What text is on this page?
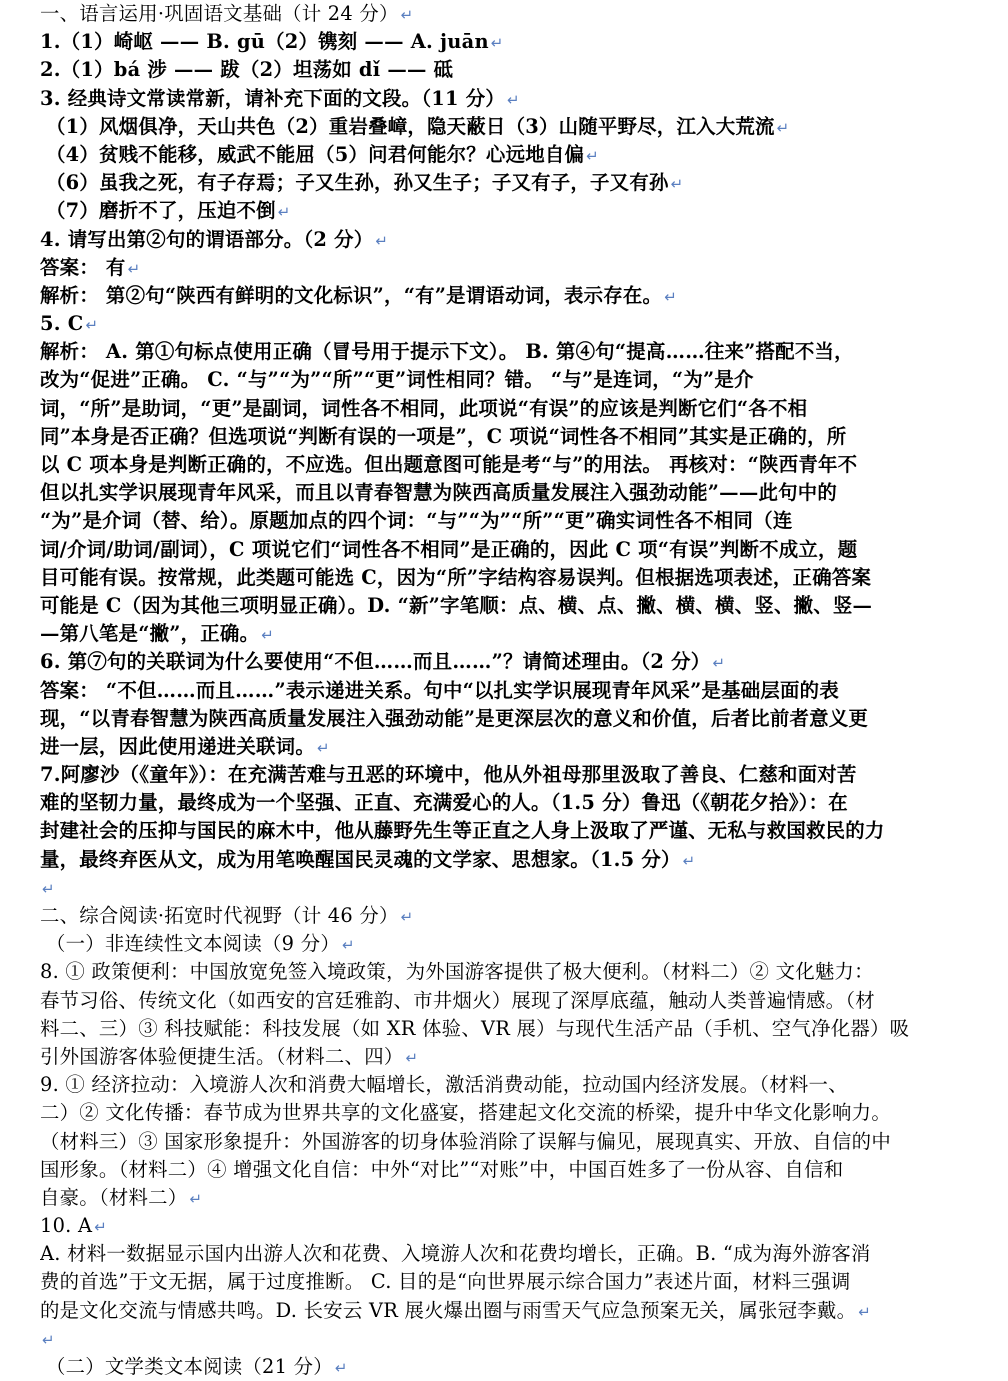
一、语言运用·巩固语文基础（计 24 分） ↵
1.（1）崎岖 —— B. gū（2）镌刻 —— A. juān ↵
2.（1）bá 涉 —— 跋（2）坦荡如 dǐ —— 砥
3. 经典诗文常读常新，请补充下面的文段。（11 分） ↵
（1）风烟俱净，天山共色（2）重岩叠嶂，隐天蔽日（3）山随平野尽，江入大荒流 ↵
（4）贫贱不能移，威武不能屈（5）问君何能尔？心远地自偏 ↵
（6）虽我之死，有子存焉；子又生孙，孙又生子；子又有子，子又有孙 ↵
（7）磨折不了，压迫不倒 ↵
4. 请写出第②句的谓语部分。（2 分） ↵
答案： 有 ↵
解析： 第②句“陕西有鲜明的文化标识”，“有”是谓语动词，表示存在。 ↵
5. C ↵
解析： A. 第①句标点使用正确（冒号用于提示下文）。 B. 第④句“提高……往来”搭配不当，
改为“促进”正确。 C. “与”“为”“所”“更”词性相同？错。 “与”是连词，“为”是介
词，“所”是助词，“更”是副词，词性各不相同，此项说“有误”的应该是判断它们“各不相
同”本身是否正确？但选项说“判断有误的一项是”，C 项说“词性各不相同”其实是正确的，所
以 C 项本身是判断正确的，不应选。但出题意图可能是考“与”的用法。 再核对：“陕西青年不
但以扎实学识展现青年风采，而且以青春智慧为陕西高质量发展注入强劲动能”——此句中的
“为”是介词（替、给）。原题加点的四个词：“与”“为”“所”“更”确实词性各不相同（连
词/介词/助词/副词），C 项说它们“词性各不相同”是正确的，因此 C 项“有误”判断不成立，题
目可能有误。按常规，此类题可能选 C，因为“所”字结构容易误判。但根据选项表述，正确答案
可能是 C（因为其他三项明显正确）。D. “新”字笔顺：点、横、点、撇、横、横、竖、撇、竖—
—第八笔是“撇”，正确。 ↵
6. 第⑦句的关联词为什么要使用“不但……而且……”？请简述理由。（2 分） ↵
答案： “不但……而且……”表示递进关系。句中“以扎实学识展现青年风采”是基础层面的表
现，“以青春智慧为陕西高质量发展注入强劲动能”是更深层次的意义和价值，后者比前者意义更
进一层，因此使用递进关联词。 ↵
7.阿廖沙（《童年》）：在充满苦难与丑恶的环境中，他从外祖母那里汲取了善良、仁慈和面对苦
难的坚韧力量，最终成为一个坚强、正直、充满爱心的人。（1.5 分）鲁迅（《朝花夕拾》）：在
封建社会的压抑与国民的麻木中，他从藤野先生等正直之人身上汲取了严谨、无私与救国救民的力
量，最终弃医从文，成为用笔唤醒国民灵魂的文学家、思想家。（1.5 分） ↵
↵
二、综合阅读·拓宽时代视野（计 46 分） ↵
（一）非连续性文本阅读（9 分） ↵
8. ① 政策便利：中国放宽免签入境政策，为外国游客提供了极大便利。（材料二）② 文化魅力：
春节习俗、传统文化（如西安的宫廷雅韵、市井烟火）展现了深厚底蕴，触动人类普遍情感。（材
料二、三）③ 科技赋能：科技发展（如 XR 体验、VR 展）与现代生活产品（手机、空气净化器）吸
引外国游客体验便捷生活。（材料二、四） ↵
9. ① 经济拉动：入境游人次和消费大幅增长，激活消费动能，拉动国内经济发展。（材料一、
二）② 文化传播：春节成为世界共享的文化盛宴，搭建起文化交流的桥梁，提升中华文化影响力。
（材料三）③ 国家形象提升：外国游客的切身体验消除了误解与偏见，展现真实、开放、自信的中
国形象。（材料二）④ 增强文化自信：中外“对比”“对账”中，中国百姓多了一份从容、自信和
自豪。（材料二） ↵
10. A ↵
A. 材料一数据显示国内出游人次和花费、入境游人次和花费均增长，正确。B. “成为海外游客消
费的首选”于文无据，属于过度推断。 C. 目的是“向世界展示综合国力”表述片面，材料三强调
的是文化交流与情感共鸣。D. 长安云 VR 展火爆出圈与雨雪天气应急预案无关，属张冠李戴。 ↵
↵
（二）文学类文本阅读（21 分） ↵
